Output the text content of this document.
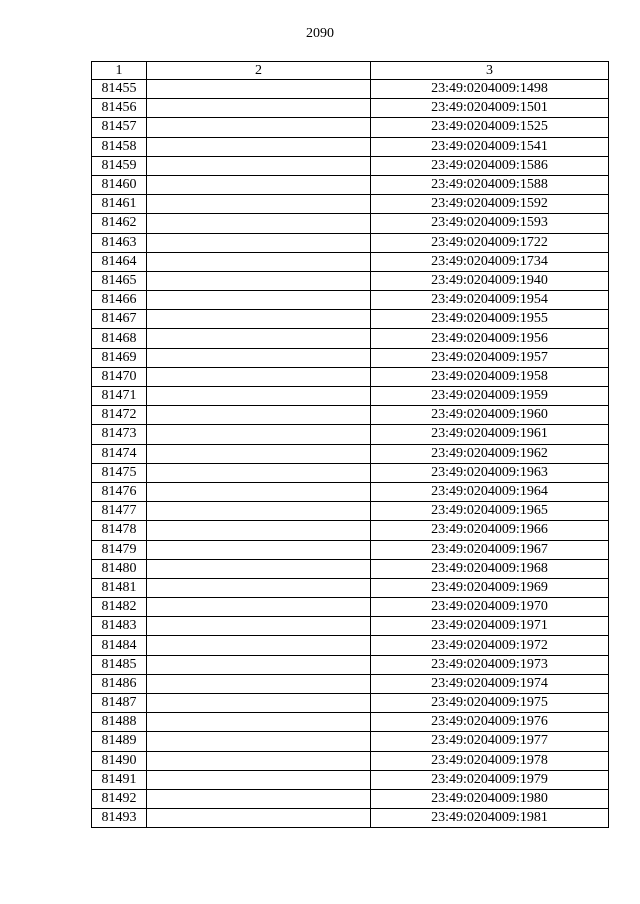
2090
1	2	3
81455		23:49:0204009:1498
81456		23:49:0204009:1501
81457		23:49:0204009:1525
81458		23:49:0204009:1541
81459		23:49:0204009:1586
81460		23:49:0204009:1588
81461		23:49:0204009:1592
81462		23:49:0204009:1593
81463		23:49:0204009:1722
81464		23:49:0204009:1734
81465		23:49:0204009:1940
81466		23:49:0204009:1954
81467		23:49:0204009:1955
81468		23:49:0204009:1956
81469		23:49:0204009:1957
81470		23:49:0204009:1958
81471		23:49:0204009:1959
81472		23:49:0204009:1960
81473		23:49:0204009:1961
81474		23:49:0204009:1962
81475		23:49:0204009:1963
81476		23:49:0204009:1964
81477		23:49:0204009:1965
81478		23:49:0204009:1966
81479		23:49:0204009:1967
81480		23:49:0204009:1968
81481		23:49:0204009:1969
81482		23:49:0204009:1970
81483		23:49:0204009:1971
81484		23:49:0204009:1972
81485		23:49:0204009:1973
81486		23:49:0204009:1974
81487		23:49:0204009:1975
81488		23:49:0204009:1976
81489		23:49:0204009:1977
81490		23:49:0204009:1978
81491		23:49:0204009:1979
81492		23:49:0204009:1980
81493		23:49:0204009:1981
